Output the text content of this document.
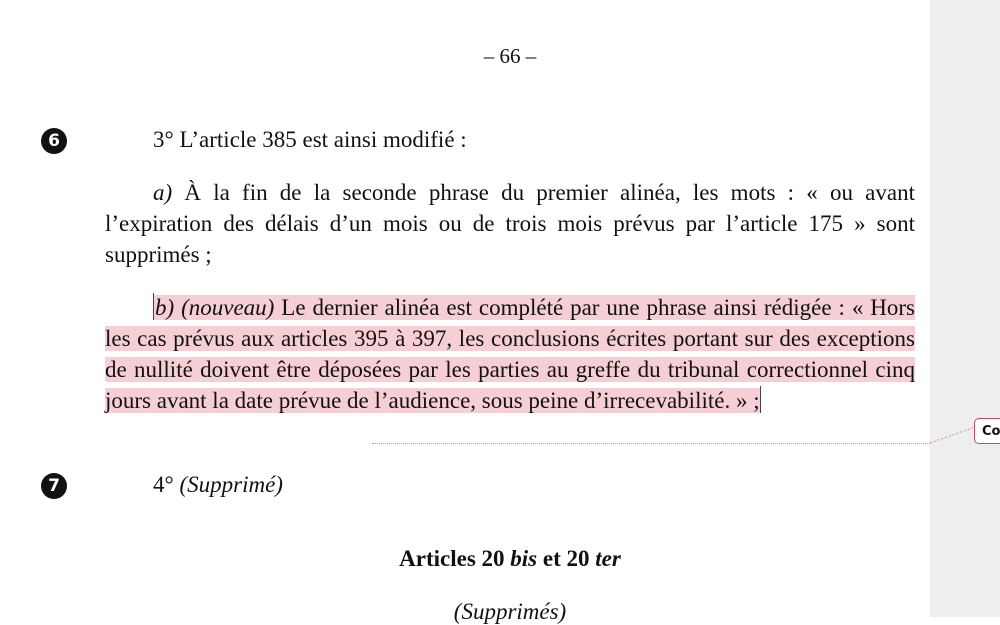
– 66 –
6	3° L’article 385 est ainsi modifié :
a) À la fin de la seconde phrase du premier alinéa, les mots : « ou avant l’expiration des délais d’un mois ou de trois mois prévus par l’article 175 » sont supprimés ;
b) (nouveau) Le dernier alinéa est complété par une phrase ainsi rédigée : « Hors les cas prévus aux articles 395 à 397, les conclusions écrites portant sur des exceptions de nullité doivent être déposées par les parties au greffe du tribunal correctionnel cinq jours avant la date prévue de l’audience, sous peine d’irrecevabilité. » ;
7	4° (Supprimé)
Articles 20 bis et 20 ter
(Supprimés)
Co
